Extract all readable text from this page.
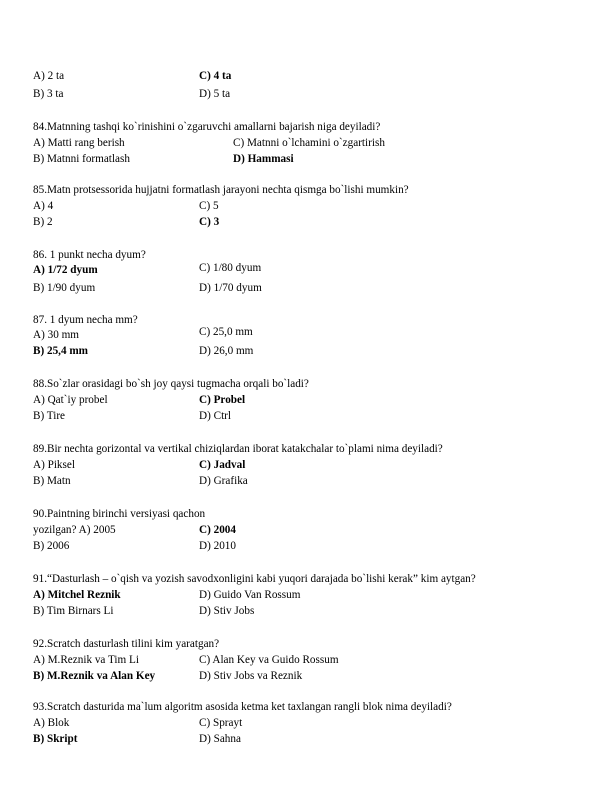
A) 2 ta	C) 4 ta
B) 3 ta	D) 5 ta
84.Matnning tashqi ko`rinishini o`zgaruvchi amallarni bajarish niga deyiladi?
A) Matti rang berish	C) Matnni o`lchamini o`zgartirish
B) Matnni formatlash	D) Hammasi
85.Matn protsessorida hujjatni formatlash jarayoni nechta qismga bo`lishi mumkin?
A) 4	C) 5
B) 2	C) 3
86. 1 punkt necha dyum?
A) 1/72 dyum	C) 1/80 dyum
B) 1/90 dyum	D) 1/70 dyum
87. 1 dyum necha mm?
A) 30 mm	C) 25,0 mm
B) 25,4 mm	D) 26,0 mm
88.So`zlar orasidagi bo`sh joy qaysi tugmacha orqali bo`ladi?
A) Qat`iy probel	C) Probel
B) Tire	D) Ctrl
89.Bir nechta gorizontal va vertikal chiziqlardan iborat katakchalar to`plami nima deyiladi?
A) Piksel	C) Jadval
B) Matn	D) Grafika
90.Paintning birinchi versiyasi qachon
yozilgan? A) 2005	C) 2004
B) 2006	D) 2010
91.“Dasturlash – o`qish va yozish savodxonligini kabi yuqori darajada bo`lishi kerak” kim aytgan?
A) Mitchel Reznik	D) Guido Van Rossum
B) Tim Birnars Li	D) Stiv Jobs
92.Scratch dasturlash tilini kim yaratgan?
A) M.Reznik va Tim Li	C) Alan Key va Guido Rossum
B) M.Reznik va Alan Key	D) Stiv Jobs va Reznik
93.Scratch dasturida ma`lum algoritm asosida ketma ket taxlangan rangli blok nima deyiladi?
A) Blok	C) Sprayt
B) Skript	D) Sahna
